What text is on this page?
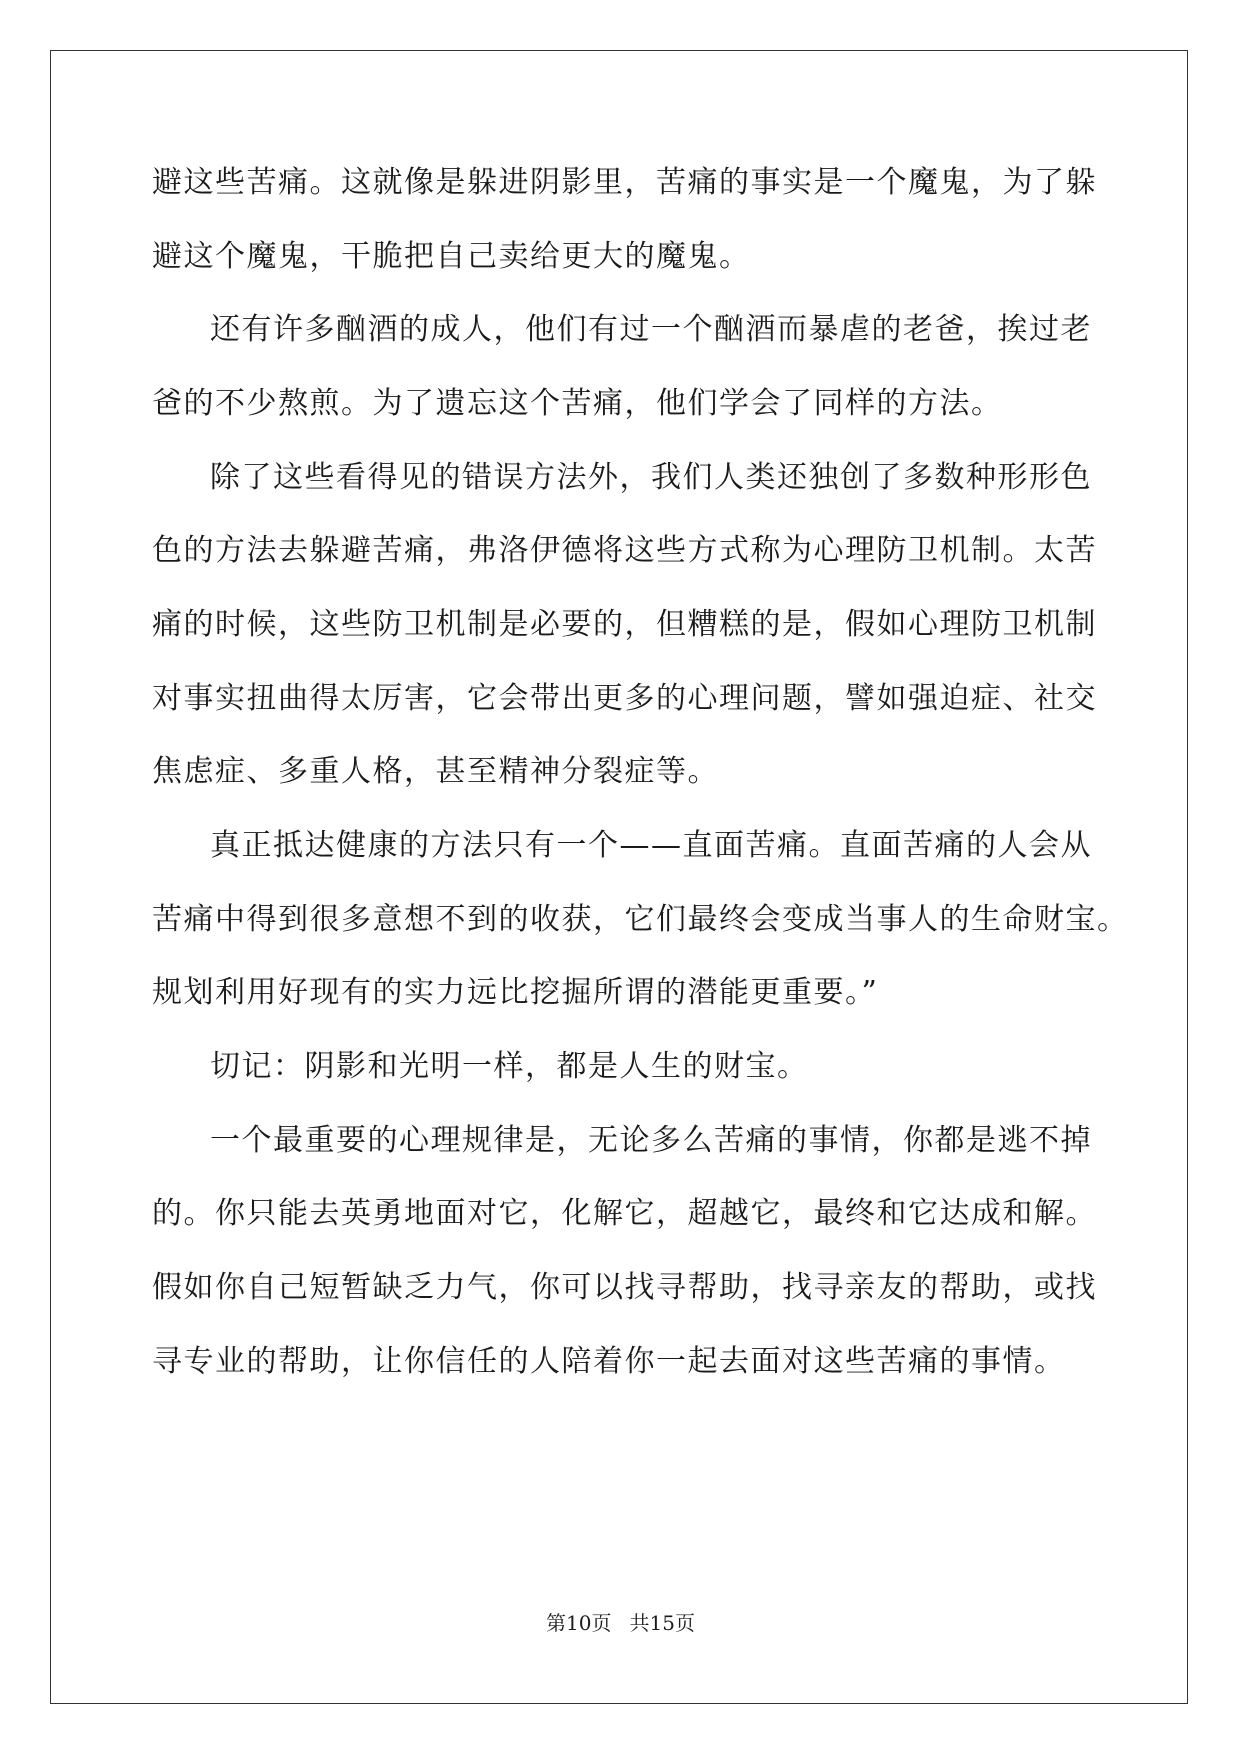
避这些苦痛。这就像是躲进阴影里，苦痛的事实是一个魔鬼，为了躲
避这个魔鬼，干脆把自己卖给更大的魔鬼。
还有许多酗酒的成人，他们有过一个酗酒而暴虐的老爸，挨过老
爸的不少熬煎。为了遗忘这个苦痛，他们学会了同样的方法。
除了这些看得见的错误方法外，我们人类还独创了多数种形形色
色的方法去躲避苦痛，弗洛伊德将这些方式称为心理防卫机制。太苦
痛的时候，这些防卫机制是必要的，但糟糕的是，假如心理防卫机制
对事实扭曲得太厉害，它会带出更多的心理问题，譬如强迫症、社交
焦虑症、多重人格，甚至精神分裂症等。
真正抵达健康的方法只有一个——直面苦痛。直面苦痛的人会从
苦痛中得到很多意想不到的收获，它们最终会变成当事人的生命财宝。
规划利用好现有的实力远比挖掘所谓的潜能更重要。”
切记：阴影和光明一样，都是人生的财宝。
一个最重要的心理规律是，无论多么苦痛的事情，你都是逃不掉
的。你只能去英勇地面对它，化解它，超越它，最终和它达成和解。
假如你自己短暂缺乏力气，你可以找寻帮助，找寻亲友的帮助，或找
寻专业的帮助，让你信任的人陪着你一起去面对这些苦痛的事情。
第10页 共15页
